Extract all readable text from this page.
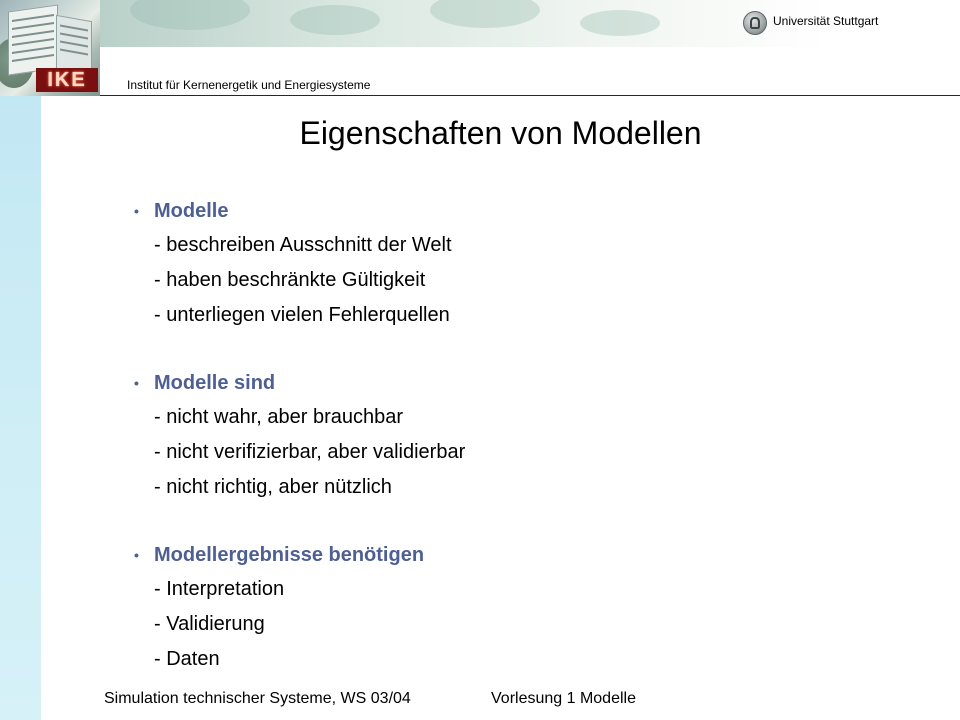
IKE
Universität Stuttgart
Institut für Kernenergetik und Energiesysteme
Eigenschaften von Modellen
• Modelle
- beschreiben Ausschnitt der Welt
- haben beschränkte Gültigkeit
- unterliegen vielen Fehlerquellen
• Modelle sind
- nicht wahr, aber brauchbar
- nicht verifizierbar, aber validierbar
- nicht richtig, aber nützlich
• Modellergebnisse benötigen
- Interpretation
- Validierung
- Daten
Simulation technischer Systeme, WS 03/04	Vorlesung 1 Modelle
